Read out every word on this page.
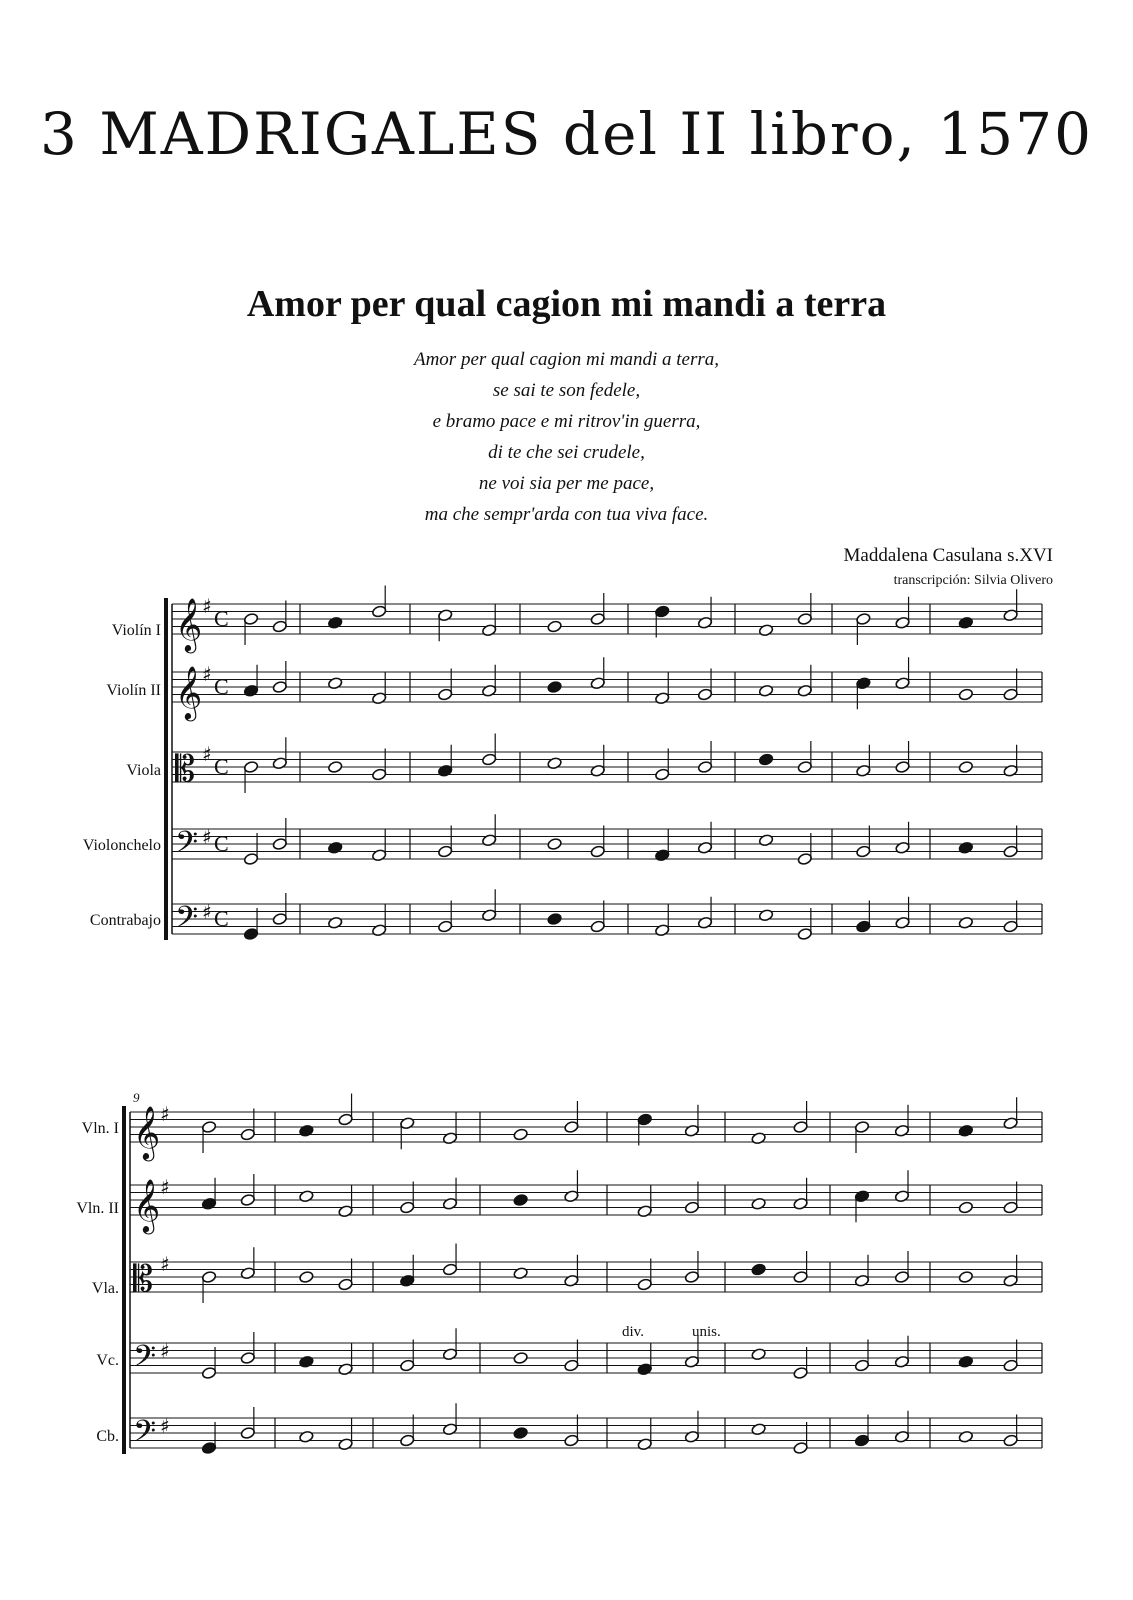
3 MADRIGALES del II libro, 1570
Amor per qual cagion mi mandi a terra
Amor per qual cagion mi mandi a terra,
se sai te son fedele,
e bramo pace e mi ritrov'in guerra,
di te che sei crudele,
ne voi sia per me pace,
ma che sempr'arda con tua viva face.
Maddalena Casulana s.XVI
transcripción: Silvia Olivero
Violín I
Violín II
Viola
Violonchelo
Contrabajo
9
Vln. I
Vln. II
Vla.
Vc.
Cb.
div.	unis.
𝄞 ♯ C
𝄞 ♯ C
𝄡 ♯ C
𝄢 ♯ C
𝄢 ♯ C
𝄞 ♯
𝄞 ♯
𝄡 ♯
𝄢 ♯
𝄢 ♯
